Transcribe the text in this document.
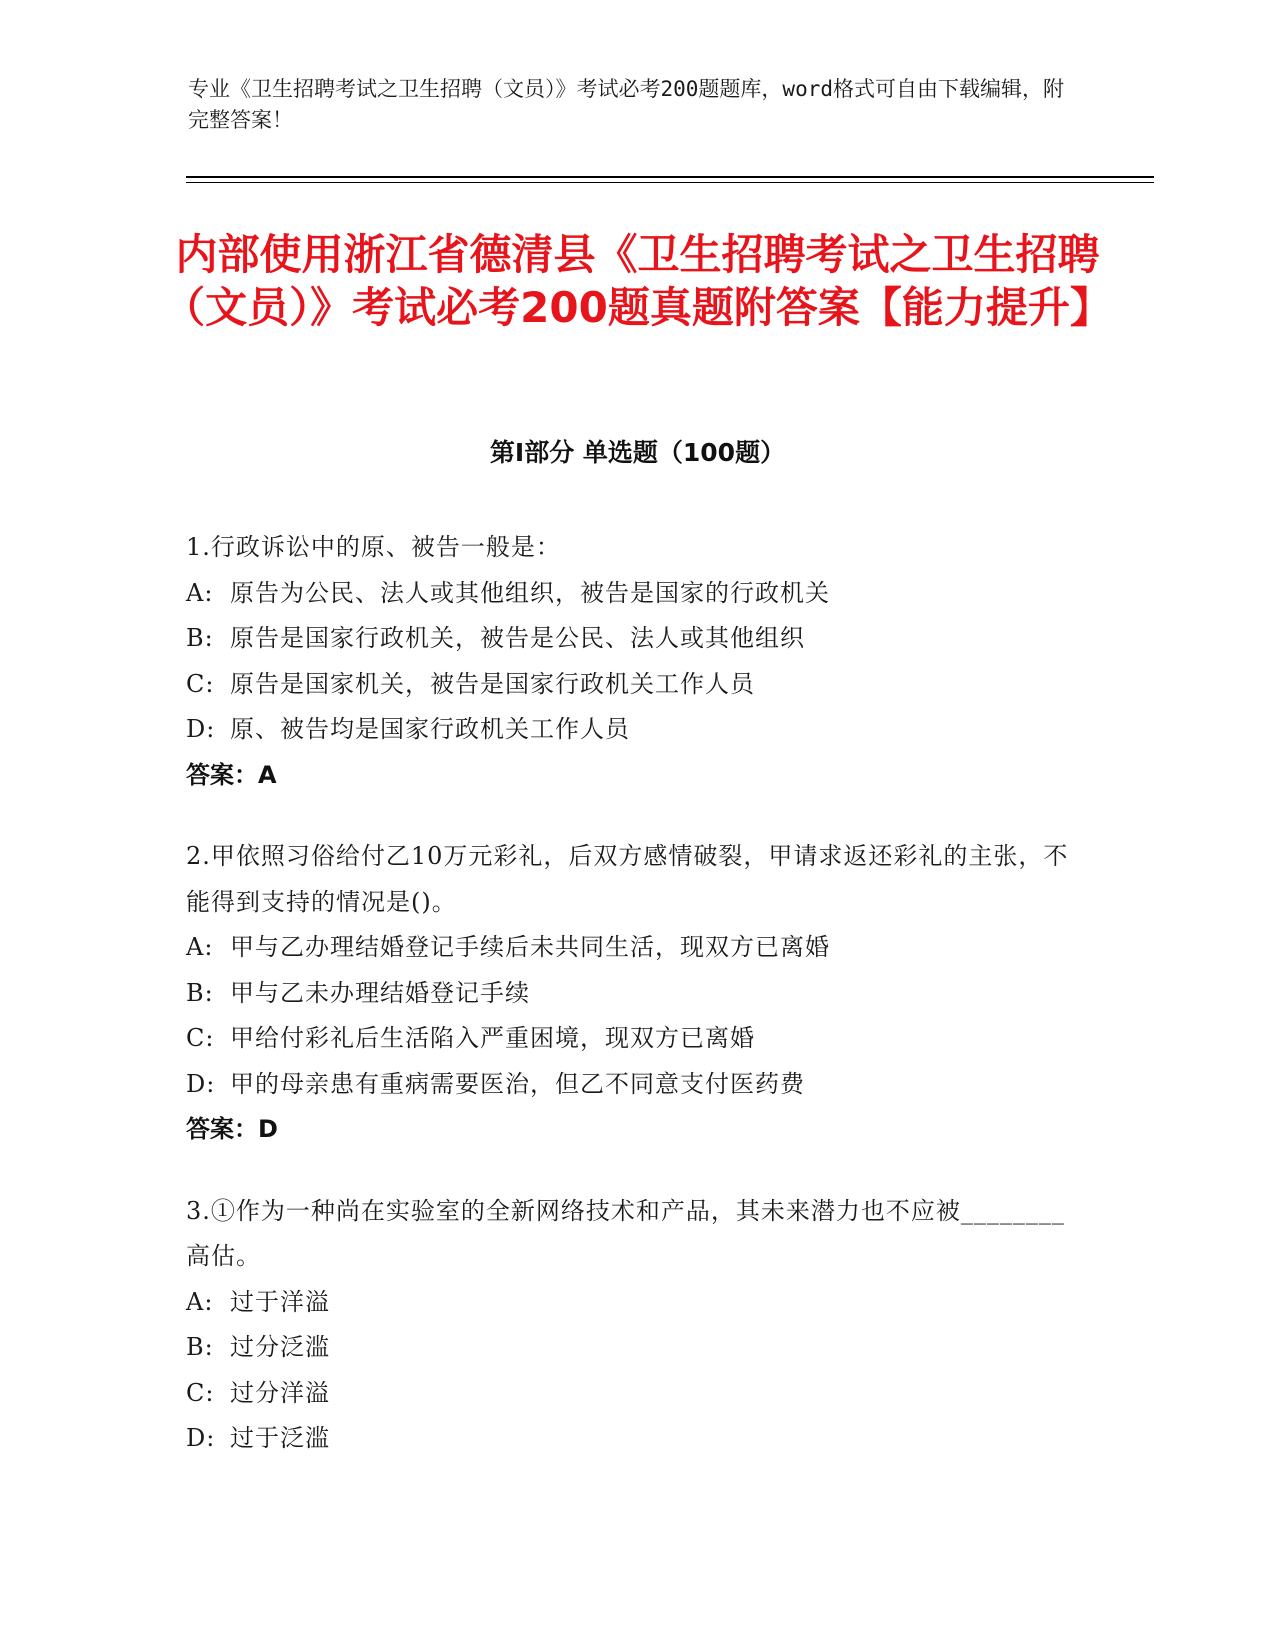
专业《卫生招聘考试之卫生招聘（文员）》考试必考200题题库，word格式可自由下载编辑，附完整答案！
内部使用浙江省德清县《卫生招聘考试之卫生招聘（文员）》考试必考200题真题附答案【能力提升】
第Ⅰ部分 单选题（100题）
1.行政诉讼中的原、被告一般是：
A: 原告为公民、法人或其他组织，被告是国家的行政机关
B: 原告是国家行政机关，被告是公民、法人或其他组织
C: 原告是国家机关，被告是国家行政机关工作人员
D: 原、被告均是国家行政机关工作人员
答案：A
2.甲依照习俗给付乙10万元彩礼，后双方感情破裂，甲请求返还彩礼的主张，不能得到支持的情况是()。
A: 甲与乙办理结婚登记手续后未共同生活，现双方已离婚
B: 甲与乙未办理结婚登记手续
C: 甲给付彩礼后生活陷入严重困境，现双方已离婚
D: 甲的母亲患有重病需要医治，但乙不同意支付医药费
答案：D
3.①作为一种尚在实验室的全新网络技术和产品，其未来潜力也不应被________高估。
A: 过于洋溢
B: 过分泛滥
C: 过分洋溢
D: 过于泛滥
